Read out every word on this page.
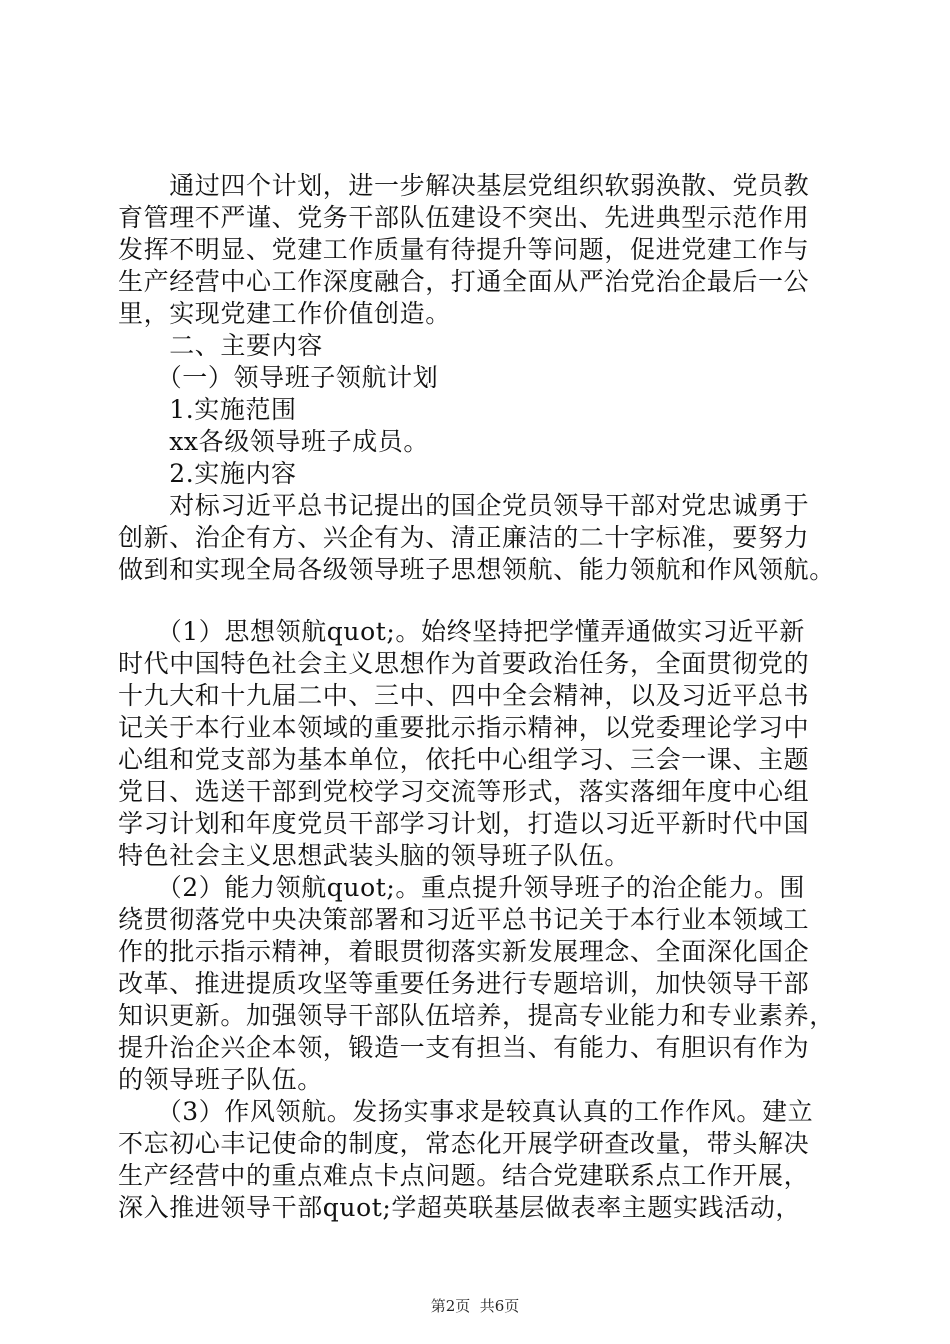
　　通过四个计划，进一步解决基层党组织软弱涣散、党员教
育管理不严谨、党务干部队伍建设不突出、先进典型示范作用
发挥不明显、党建工作质量有待提升等问题，促进党建工作与
生产经营中心工作深度融合，打通全面从严治党治企最后一公
里，实现党建工作价值创造。
　　二、主要内容
　　（一）领导班子领航计划
　　1.实施范围
　　xx各级领导班子成员。
　　2.实施内容
　　对标习近平总书记提出的国企党员领导干部对党忠诚勇于
创新、治企有方、兴企有为、清正廉洁的二十字标准，要努力
做到和实现全局各级领导班子思想领航、能力领航和作风领航。
　　（1）思想领航quot;。始终坚持把学懂弄通做实习近平新
时代中国特色社会主义思想作为首要政治任务，全面贯彻党的
十九大和十九届二中、三中、四中全会精神，以及习近平总书
记关于本行业本领域的重要批示指示精神，以党委理论学习中
心组和党支部为基本单位，依托中心组学习、三会一课、主题
党日、选送干部到党校学习交流等形式，落实落细年度中心组
学习计划和年度党员干部学习计划，打造以习近平新时代中国
特色社会主义思想武装头脑的领导班子队伍。
　　（2）能力领航quot;。重点提升领导班子的治企能力。围
绕贯彻落党中央决策部署和习近平总书记关于本行业本领域工
作的批示指示精神，着眼贯彻落实新发展理念、全面深化国企
改革、推进提质攻坚等重要任务进行专题培训，加快领导干部
知识更新。加强领导干部队伍培养，提高专业能力和专业素养，
提升治企兴企本领，锻造一支有担当、有能力、有胆识有作为
的领导班子队伍。
　　（3）作风领航。发扬实事求是较真认真的工作作风。建立
不忘初心丰记使命的制度，常态化开展学研查改量，带头解决
生产经营中的重点难点卡点问题。结合党建联系点工作开展，
深入推进领导干部quot;学超英联基层做表率主题实践活动，
第2页  共6页
